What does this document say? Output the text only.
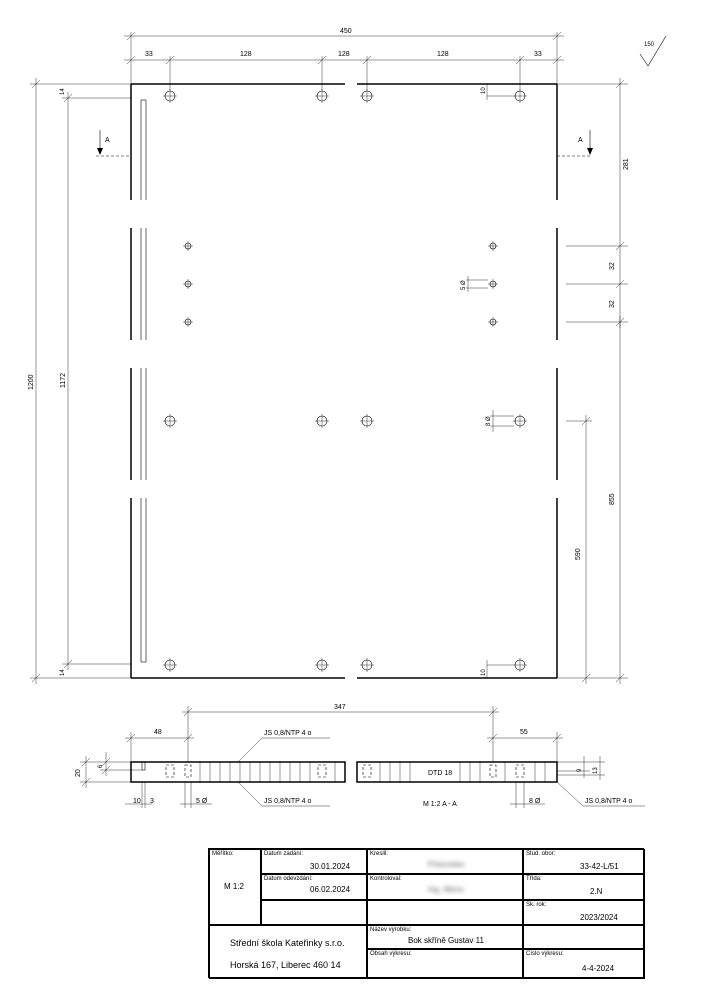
150
450
33	128	128	128	33
1200	1172
14
14
A	A
281
32
32
855
590
10
10
5 Ø
8 Ø
347
48	55
DTD 18
JS 0,8/NTP 4 o
JS 0,8/NTP 4 o	JS 0,8/NTP 4 o
M 1:2 A - A
20
6
10 3	5 Ø	8 Ø
9 13
Měřítko:
M 1:2
Datum zadání:
30.01.2024
Datum odevzdání:
06.02.2024
Kreslil:
Priezvisko
Kontroloval:
Ing. Meno
Stud. obor:
33-42-L/51
Třída:
2.N
Šk. rok:
2023/2024
Střední škola Kateřinky s.r.o.
Horská 167, Liberec 460 14
Název výrobku:
Bok skříně Gustav 11
Obsah výkresu:	Číslo výkresu:
4-4-2024
